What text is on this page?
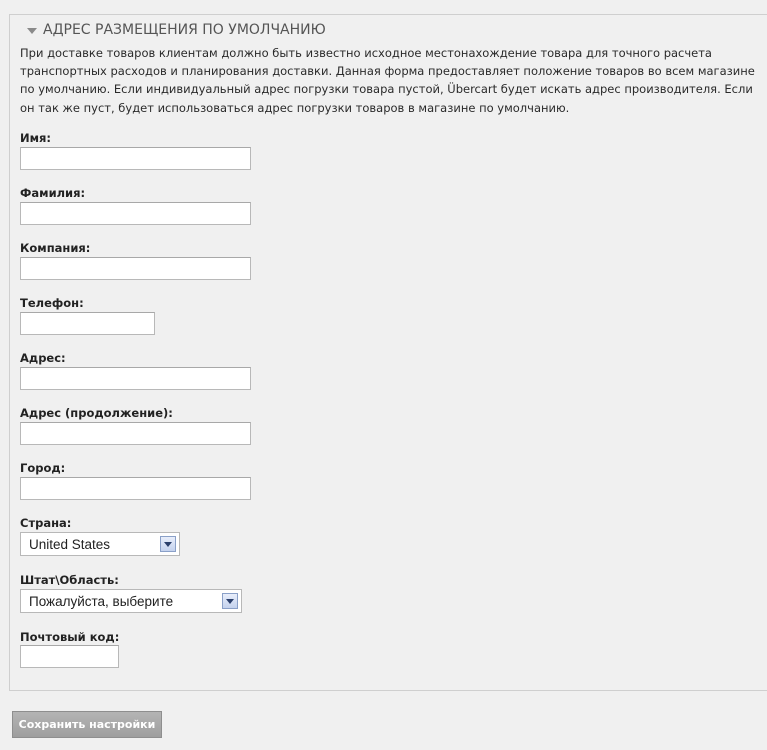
АДРЕС РАЗМЕЩЕНИЯ ПО УМОЛЧАНИЮ
При доставке товаров клиентам должно быть известно исходное местонахождение товара для точного расчета транспортных расходов и планирования доставки. Данная форма предоставляет положение товаров во всем магазине по умолчанию. Если индивидуальный адрес погрузки товара пустой, Übercart будет искать адрес производителя. Если он так же пуст, будет использоваться адрес погрузки товаров в магазине по умолчанию.
Имя:
Фамилия:
Компания:
Телефон:
Адрес:
Адрес (продолжение):
Город:
Страна:
United States
Штат\Область:
Пожалуйста, выберите
Почтовый код:
Сохранить настройки
